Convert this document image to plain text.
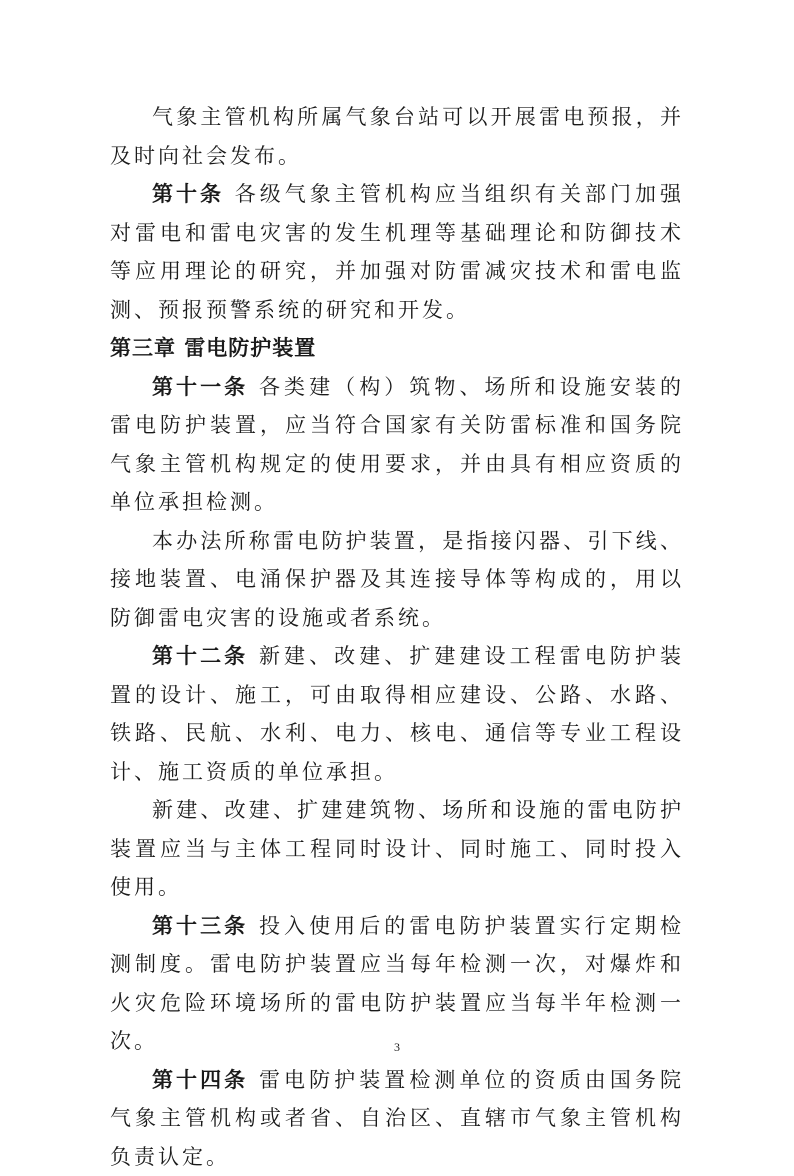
气象主管机构所属气象台站可以开展雷电预报，并及时向社会发布。

第十条 各级气象主管机构应当组织有关部门加强对雷电和雷电灾害的发生机理等基础理论和防御技术等应用理论的研究，并加强对防雷减灾技术和雷电监测、预报预警系统的研究和开发。

第三章 雷电防护装置

第十一条 各类建（构）筑物、场所和设施安装的雷电防护装置，应当符合国家有关防雷标准和国务院气象主管机构规定的使用要求，并由具有相应资质的单位承担检测。

本办法所称雷电防护装置，是指接闪器、引下线、接地装置、电涌保护器及其连接导体等构成的，用以防御雷电灾害的设施或者系统。

第十二条 新建、改建、扩建建设工程雷电防护装置的设计、施工，可由取得相应建设、公路、水路、铁路、民航、水利、电力、核电、通信等专业工程设计、施工资质的单位承担。

新建、改建、扩建建筑物、场所和设施的雷电防护装置应当与主体工程同时设计、同时施工、同时投入使用。

第十三条 投入使用后的雷电防护装置实行定期检测制度。雷电防护装置应当每年检测一次，对爆炸和火灾危险环境场所的雷电防护装置应当每半年检测一次。

第十四条 雷电防护装置检测单位的资质由国务院气象主管机构或者省、自治区、直辖市气象主管机构负责认定。

3
